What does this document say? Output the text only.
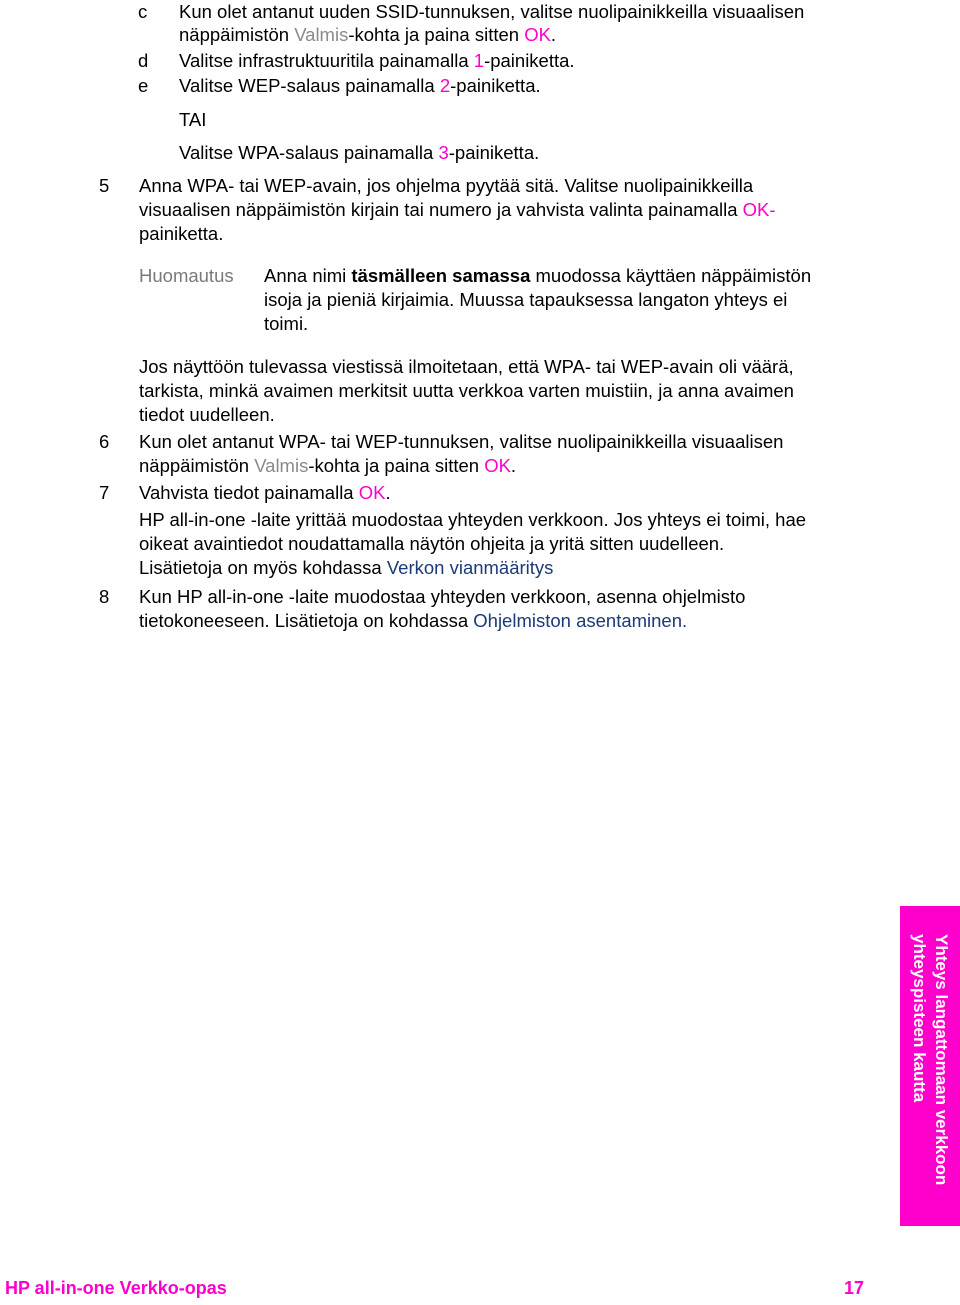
c Kun olet antanut uuden SSID-tunnuksen, valitse nuolipainikkeilla visuaalisen
näppäimistön Valmis-kohta ja paina sitten OK.
d Valitse infrastruktuuritila painamalla 1-painiketta.
e Valitse WEP-salaus painamalla 2-painiketta.
TAI
Valitse WPA-salaus painamalla 3-painiketta.
5 Anna WPA- tai WEP-avain, jos ohjelma pyytää sitä. Valitse nuolipainikkeilla
visuaalisen näppäimistön kirjain tai numero ja vahvista valinta painamalla OK-
painiketta.
Huomautus Anna nimi täsmälleen samassa muodossa käyttäen näppäimistön
isoja ja pieniä kirjaimia. Muussa tapauksessa langaton yhteys ei
toimi.
Jos näyttöön tulevassa viestissä ilmoitetaan, että WPA- tai WEP-avain oli väärä,
tarkista, minkä avaimen merkitsit uutta verkkoa varten muistiin, ja anna avaimen
tiedot uudelleen.
6 Kun olet antanut WPA- tai WEP-tunnuksen, valitse nuolipainikkeilla visuaalisen
näppäimistön Valmis-kohta ja paina sitten OK.
7 Vahvista tiedot painamalla OK.
HP all-in-one -laite yrittää muodostaa yhteyden verkkoon. Jos yhteys ei toimi, hae
oikeat avaintiedot noudattamalla näytön ohjeita ja yritä sitten uudelleen.
Lisätietoja on myös kohdassa Verkon vianmääritys
8 Kun HP all-in-one -laite muodostaa yhteyden verkkoon, asenna ohjelmisto
tietokoneeseen. Lisätietoja on kohdassa Ohjelmiston asentaminen.
Yhteys langattomaan verkkoon
yhteyspisteen kautta
HP all-in-one Verkko-opas	17
